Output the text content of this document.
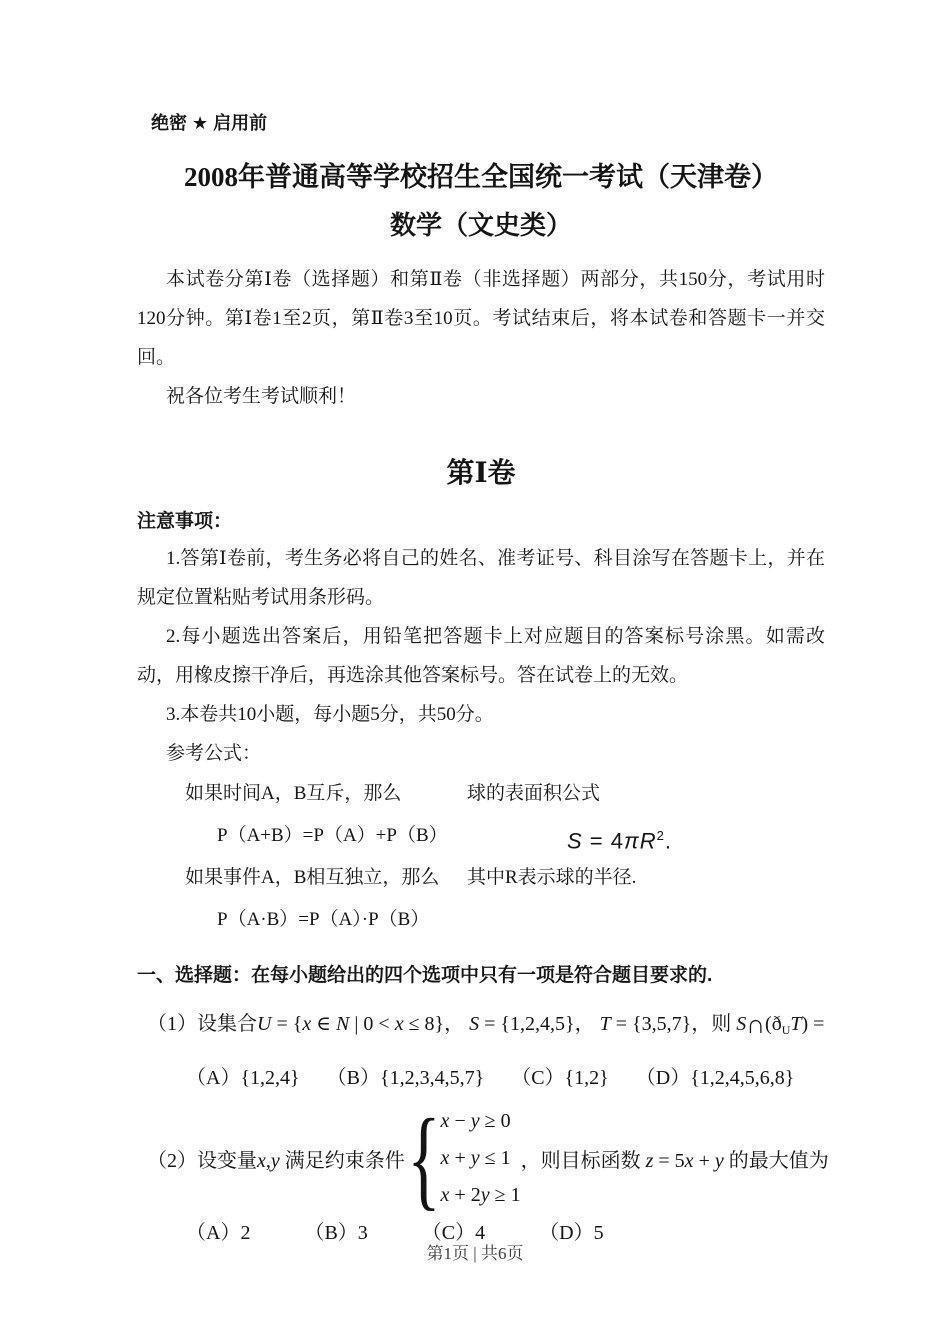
绝密 ★ 启用前
2008年普通高等学校招生全国统一考试（天津卷）
数学（文史类）

本试卷分第Ⅰ卷（选择题）和第Ⅱ卷（非选择题）两部分，共150分，考试用时120分钟。第Ⅰ卷1至2页，第Ⅱ卷3至10页。考试结束后，将本试卷和答题卡一并交回。

祝各位考生考试顺利！

第Ⅰ卷
注意事项：

1.答第Ⅰ卷前，考生务必将自己的姓名、准考证号、科目涂写在答题卡上，并在规定位置粘贴考试用条形码。

2.每小题选出答案后，用铅笔把答题卡上对应题目的答案标号涂黑。如需改动，用橡皮擦干净后，再选涂其他答案标号。答在试卷上的无效。

3.本卷共10小题，每小题5分，共50分。

参考公式：

如果时间A，B互斥，那么	球的表面积公式
P（A+B）=P（A）+P（B）	$S = 4\pi R^2$.
如果事件A，B相互独立，那么	其中R表示球的半径.
P（A·B）=P（A）·P（B）
一、选择题：在每小题给出的四个选项中只有一项是符合题目要求的.
（1）设集合U = {x ∈ N | 0 < x ≤ 8}， S = {1,2,4,5}， T = {3,5,7}，则 $S\cap(ð_UT)$ =
（A）{1,2,4} （B）{1,2,3,4,5,7} （C）{1,2} （D）{1,2,4,5,6,8}
（2）设变量x,y 满足约束条件 { x − y ≥ 0
x + y ≤ 1
x + 2y ≥ 1
，则目标函数 z = 5x + y 的最大值为
（A）2	（B）3	（C）4	（D）5
第1页 | 共6页
